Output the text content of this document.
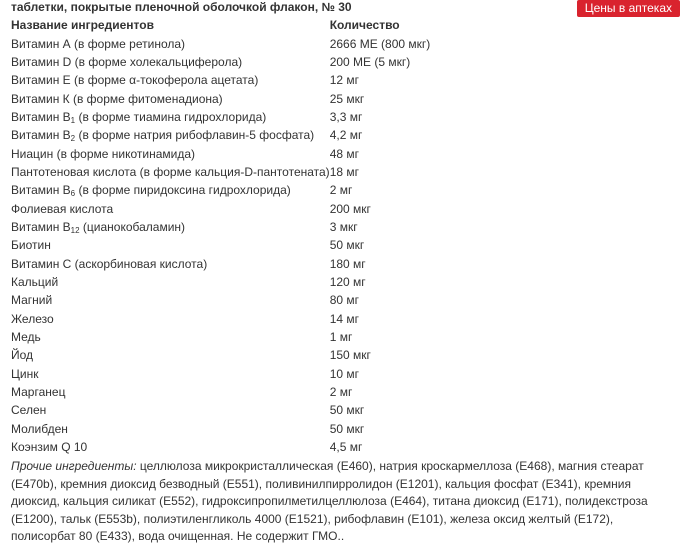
таблетки, покрытые пленочной оболочкой флакон, № 30	Цены в аптеках
Название ингредиентов	Количество
Витамин А (в форме ретинола)	2666 МЕ (800 мкг)
Витамин D (в форме холекальциферола)	200 МЕ (5 мкг)
Витамин Е (в форме α-токоферола ацетата)	12 мг
Витамин К (в форме фитоменадиона)	25 мкг
Витамин $В_1$ (в форме тиамина гидрохлорида)	3,3 мг
Витамин $В_2$ (в форме натрия рибофлавин-5 фосфата)	4,2 мг
Ниацин (в форме никотинамида)	48 мг
Пантотеновая кислота (в форме кальция-D-пантотената)	18 мг
Витамин $В_6$ (в форме пиридоксина гидрохлорида)	2 мг
Фолиевая кислота	200 мкг
Витамин $В_{12}$ (цианокобаламин)	3 мкг
Биотин	50 мкг
Витамин С (аскорбиновая кислота)	180 мг
Кальций	120 мг
Магний	80 мг
Железо	14 мг
Медь	1 мг
Йод	150 мкг
Цинк	10 мг
Марганец	2 мг
Селен	50 мкг
Молибден	50 мкг
Коэнзим Q 10	4,5 мг
Прочие ингредиенты: целлюлоза микрокристаллическая (E460), натрия кроскармеллоза (E468), магния стеарат (E470b), кремния диоксид безводный (E551), поливинилпирролидон (E1201), кальция фосфат (E341), кремния диоксид, кальция силикат (E552), гидроксипропилметилцеллюлоза (E464), титана диоксид (E171), полидекстроза (E1200), тальк (E553b), полиэтиленгликоль 4000 (E1521), рибофлавин (E101), железа оксид желтый (E172), полисорбат 80 (E433), вода очищенная. Не содержит ГМО..
